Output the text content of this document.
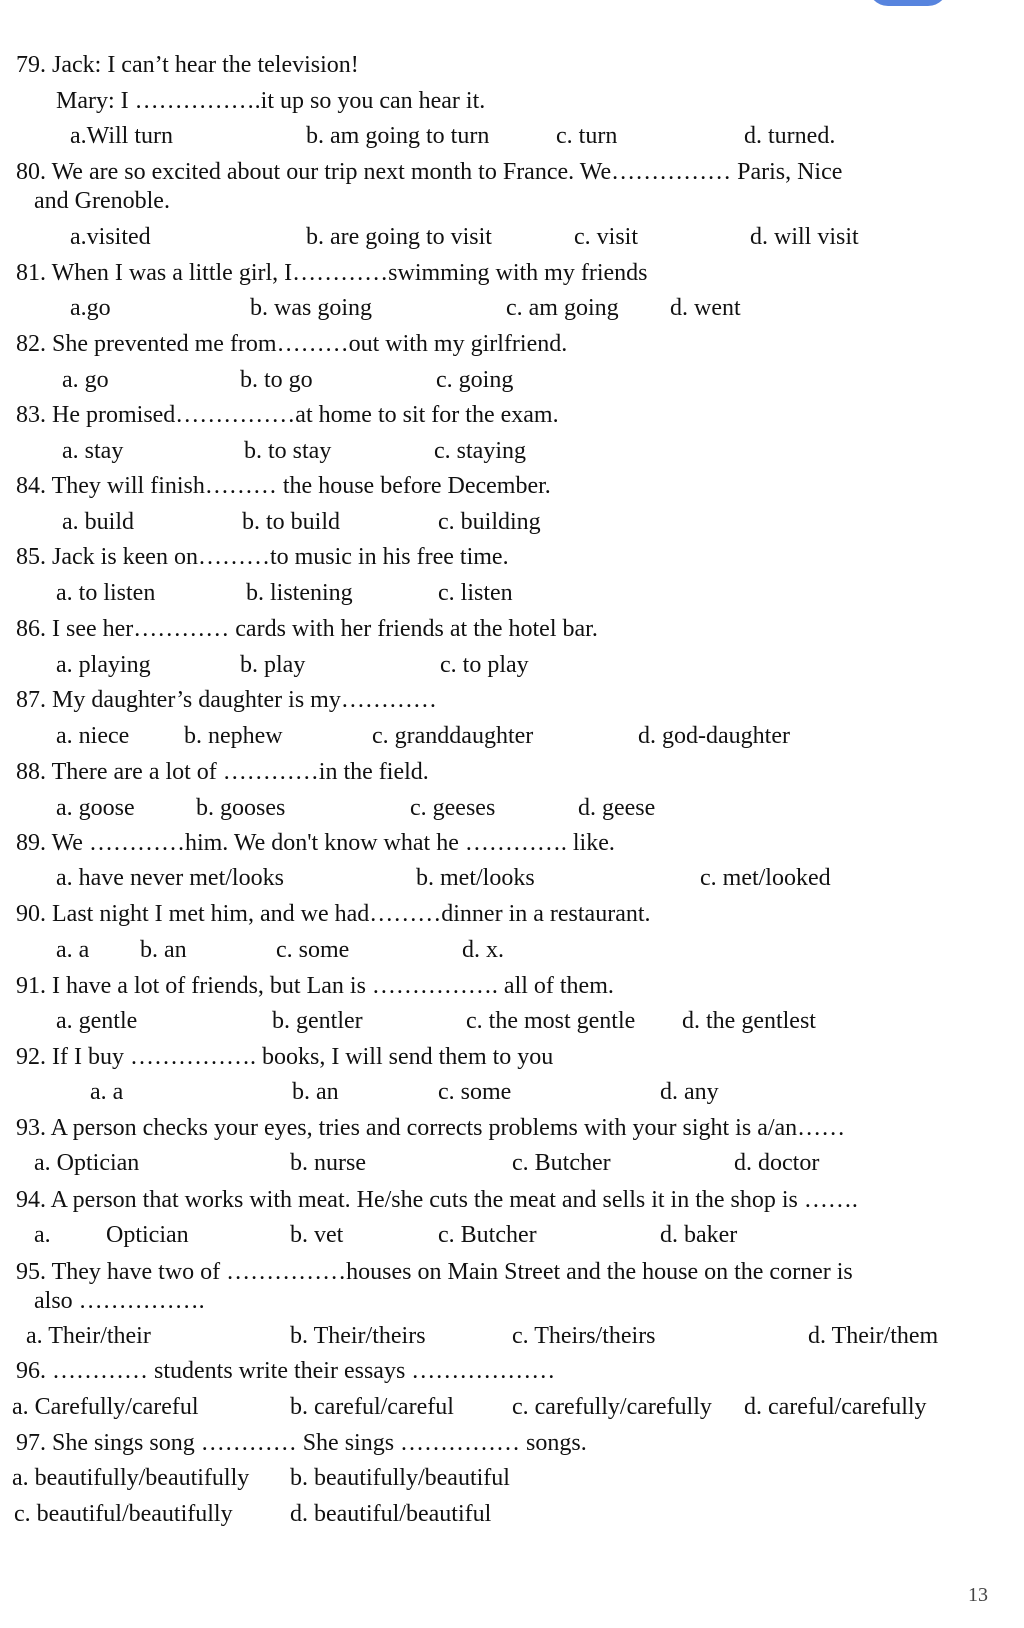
79. Jack: I can’t hear the television!
Mary: I …………….it up so you can hear it.
a.Will turn	b. am going to turn	c. turn	d. turned.
80. We are so excited about our trip next month to France. We…………… Paris, Nice
and Grenoble.
a.visited	b. are going to visit	c. visit	d. will visit
81. When I was a little girl, I…………swimming with my friends
a.go	b. was going	c. am going d. went
82. She prevented me from………out with my girlfriend.
a. go	b. to go	c. going
83. He promised……………at home to sit for the exam.
a. stay	b. to stay	c. staying
84. They will finish……… the house before December.
a. build	b. to build	c. building
85. Jack is keen on………to music in his free time.
a. to listen	b. listening	c. listen
86. I see her………… cards with her friends at the hotel bar.
a. playing	b. play	c. to play
87. My daughter’s daughter is my…………
a. niece b. nephew	c. granddaughter	d. god-daughter
88. There are a lot of …………in the field.
a. goose	b. gooses	c. geeses	d. geese
89. We …………him. We don't know what he …………. like.
a. have never met/looks	b. met/looks	c. met/looked
90. Last night I met him, and we had………dinner in a restaurant.
a. a b. an	c. some	d. x.
91. I have a lot of friends, but Lan is ……………. all of them.
a. gentle	b. gentler	c. the most gentle d. the gentlest
92. If I buy ……………. books, I will send them to you
a. a	b. an	c. some	d. any
93. A person checks your eyes, tries and corrects problems with your sight is a/an……
a. Optician	b. nurse	c. Butcher	d. doctor
94. A person that works with meat. He/she cuts the meat and sells it in the shop is …….
a. Optician	b. vet	c. Butcher	d. baker
95. They have two of ……………houses on Main Street and the house on the corner is
also …………….
a. Their/their	b. Their/theirs	c. Theirs/theirs	d. Their/them
96. ………… students write their essays ………………
a. Carefully/careful	b. careful/careful c. carefully/carefully d. careful/carefully
97. She sings song ………… She sings …………… songs.
a. beautifully/beautifully b. beautifully/beautiful
c. beautiful/beautifully d. beautiful/beautiful
13
